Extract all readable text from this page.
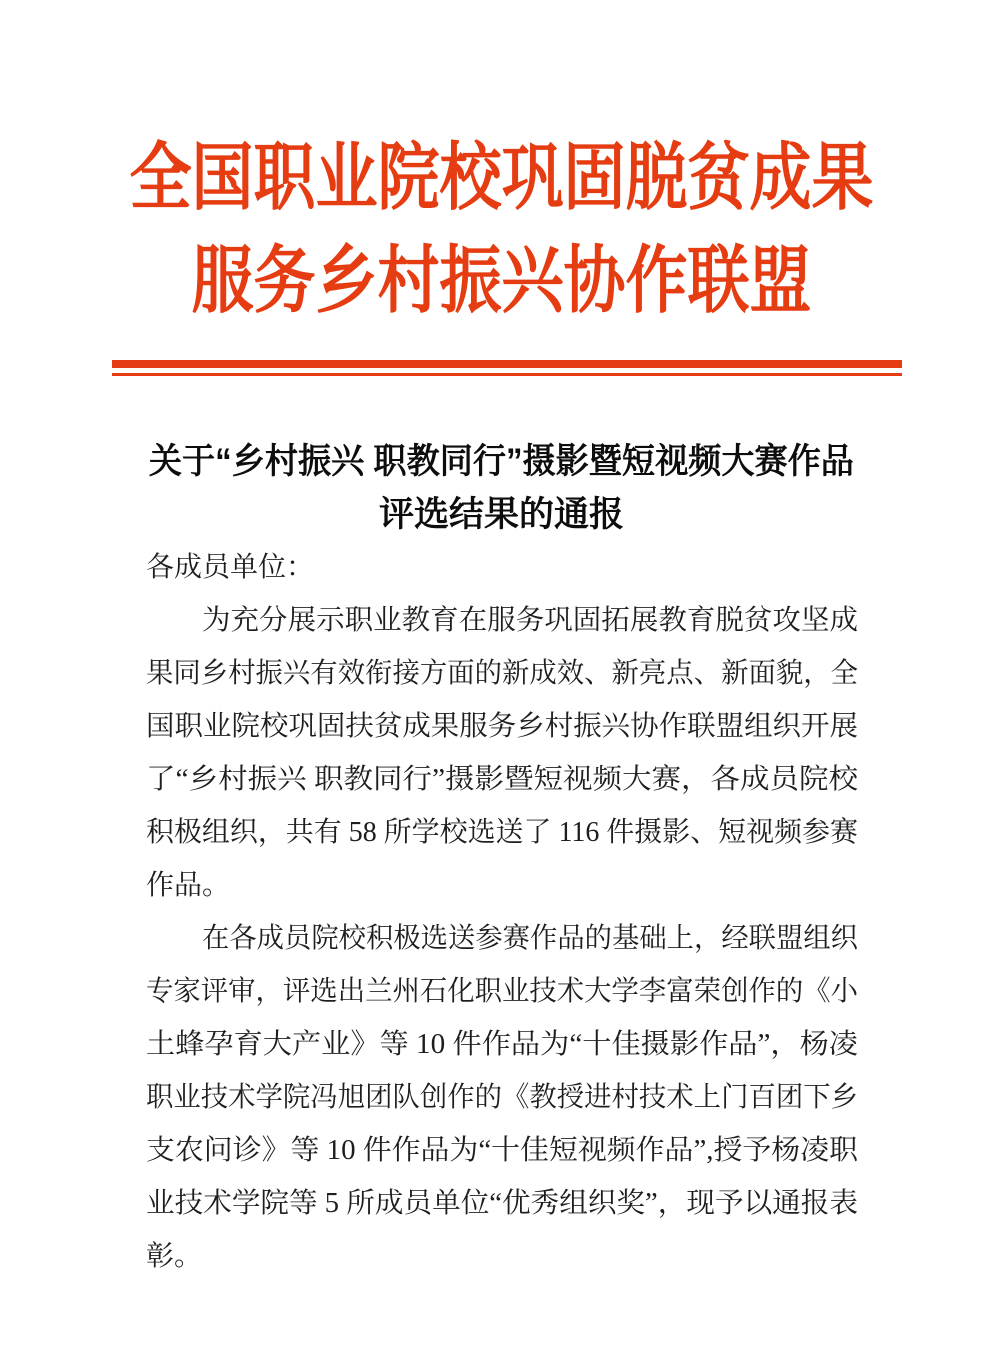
全国职业院校巩固脱贫成果
服务乡村振兴协作联盟
关于“乡村振兴 职教同行”摄影暨短视频大赛作品
评选结果的通报
各成员单位：
为充分展示职业教育在服务巩固拓展教育脱贫攻坚成
果同乡村振兴有效衔接方面的新成效、新亮点、新面貌，全
国职业院校巩固扶贫成果服务乡村振兴协作联盟组织开展
了“乡村振兴 职教同行”摄影暨短视频大赛，各成员院校
积极组织，共有 58 所学校选送了 116 件摄影、短视频参赛
作品。
在各成员院校积极选送参赛作品的基础上，经联盟组织
专家评审，评选出兰州石化职业技术大学李富荣创作的《小
土蜂孕育大产业》等 10 件作品为“十佳摄影作品”，杨凌
职业技术学院冯旭团队创作的《教授进村技术上门百团下乡
支农问诊》等 10 件作品为“十佳短视频作品”,授予杨凌职
业技术学院等 5 所成员单位“优秀组织奖”，现予以通报表
彰。
